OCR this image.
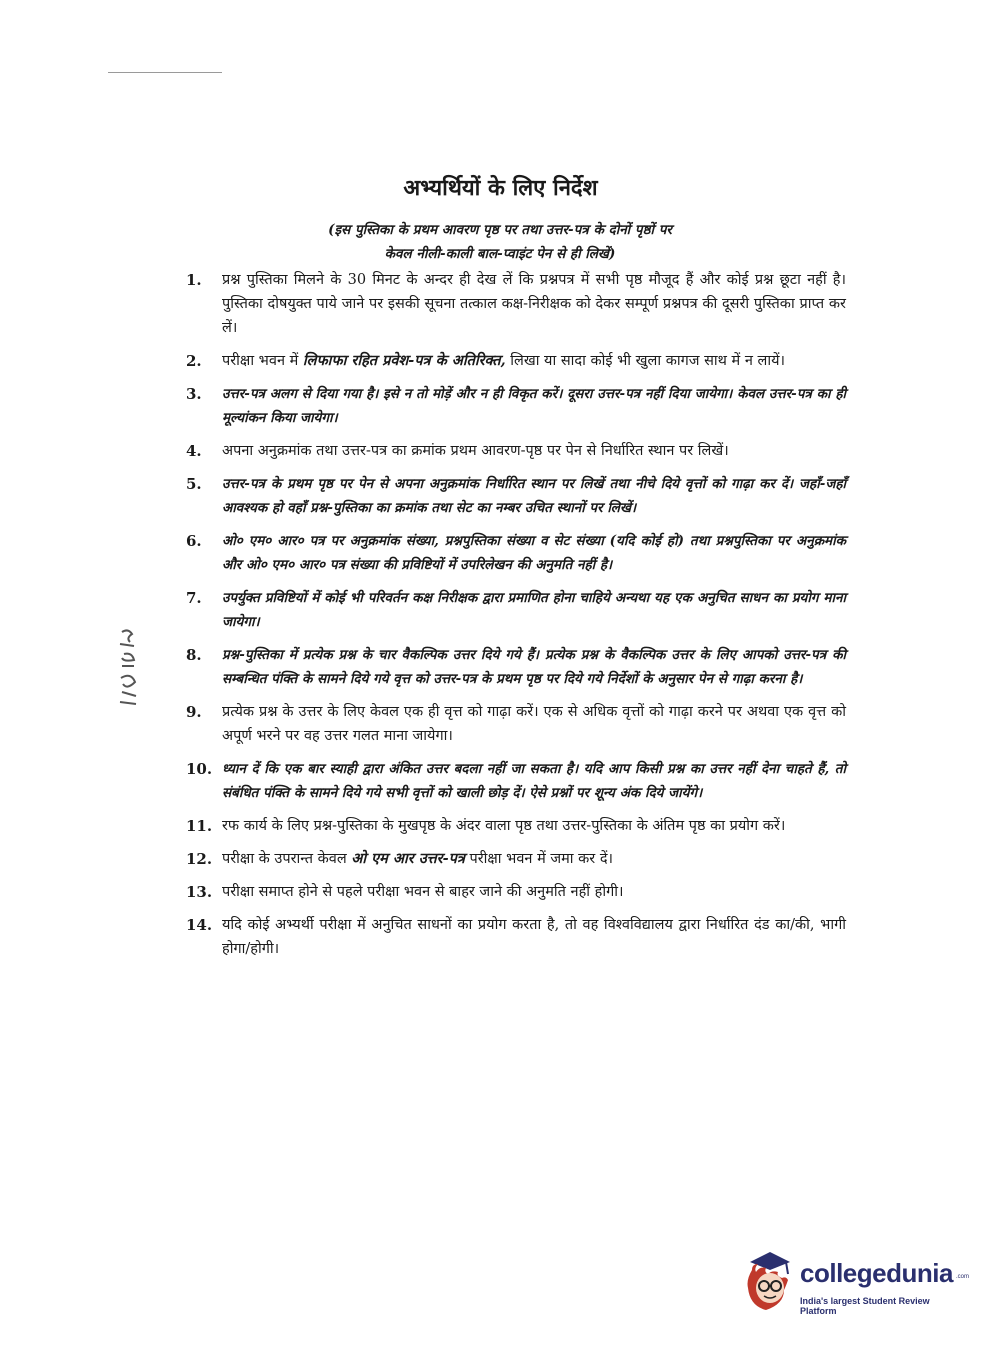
अभ्यर्थियों के लिए निर्देश
(इस पुस्तिका के प्रथम आवरण पृष्ठ पर तथा उत्तर-पत्र के दोनों पृष्ठों पर
केवल नीली-काली बाल-प्वाइंट पेन से ही लिखें)
1.	प्रश्न पुस्तिका मिलने के 30 मिनट के अन्दर ही देख लें कि प्रश्नपत्र में सभी पृष्ठ मौजूद हैं और कोई प्रश्न छूटा नहीं है। पुस्तिका दोषयुक्त पाये जाने पर इसकी सूचना तत्काल कक्ष-निरीक्षक को देकर सम्पूर्ण प्रश्नपत्र की दूसरी पुस्तिका प्राप्त कर लें।
2.	परीक्षा भवन में लिफाफा रहित प्रवेश-पत्र के अतिरिक्त, लिखा या सादा कोई भी खुला कागज साथ में न लायें।
3.	उत्तर-पत्र अलग से दिया गया है। इसे न तो मोड़ें और न ही विकृत करें। दूसरा उत्तर-पत्र नहीं दिया जायेगा। केवल उत्तर-पत्र का ही मूल्यांकन किया जायेगा।
4.	अपना अनुक्रमांक तथा उत्तर-पत्र का क्रमांक प्रथम आवरण-पृष्ठ पर पेन से निर्धारित स्थान पर लिखें।
5.	उत्तर-पत्र के प्रथम पृष्ठ पर पेन से अपना अनुक्रमांक निर्धारित स्थान पर लिखें तथा नीचे दिये वृत्तों को गाढ़ा कर दें। जहाँ-जहाँ आवश्यक हो वहाँ प्रश्न-पुस्तिका का क्रमांक तथा सेट का नम्बर उचित स्थानों पर लिखें।
6.	ओ० एम० आर० पत्र पर अनुक्रमांक संख्या, प्रश्नपुस्तिका संख्या व सेट संख्या (यदि कोई हो) तथा प्रश्नपुस्तिका पर अनुक्रमांक और ओ० एम० आर० पत्र संख्या की प्रविष्टियों में उपरिलेखन की अनुमति नहीं है।
7.	उपर्युक्त प्रविष्टियों में कोई भी परिवर्तन कक्ष निरीक्षक द्वारा प्रमाणित होना चाहिये अन्यथा यह एक अनुचित साधन का प्रयोग माना जायेगा।
8.	प्रश्न-पुस्तिका में प्रत्येक प्रश्न के चार वैकल्पिक उत्तर दिये गये हैं। प्रत्येक प्रश्न के वैकल्पिक उत्तर के लिए आपको उत्तर-पत्र की सम्बन्धित पंक्ति के सामने दिये गये वृत्त को उत्तर-पत्र के प्रथम पृष्ठ पर दिये गये निर्देशों के अनुसार पेन से गाढ़ा करना है।
9.	प्रत्येक प्रश्न के उत्तर के लिए केवल एक ही वृत्त को गाढ़ा करें। एक से अधिक वृत्तों को गाढ़ा करने पर अथवा एक वृत्त को अपूर्ण भरने पर वह उत्तर गलत माना जायेगा।
10. ध्यान दें कि एक बार स्याही द्वारा अंकित उत्तर बदला नहीं जा सकता है। यदि आप किसी प्रश्न का उत्तर नहीं देना चाहते हैं, तो संबंधित पंक्ति के सामने दिये गये सभी वृत्तों को खाली छोड़ दें। ऐसे प्रश्नों पर शून्य अंक दिये जायेंगे।
11. रफ कार्य के लिए प्रश्न-पुस्तिका के मुखपृष्ठ के अंदर वाला पृष्ठ तथा उत्तर-पुस्तिका के अंतिम पृष्ठ का प्रयोग करें।
12. परीक्षा के उपरान्त केवल ओ एम आर उत्तर-पत्र परीक्षा भवन में जमा कर दें।
13. परीक्षा समाप्त होने से पहले परीक्षा भवन से बाहर जाने की अनुमति नहीं होगी।
14. यदि कोई अभ्यर्थी परीक्षा में अनुचित साधनों का प्रयोग करता है, तो वह विश्वविद्यालय द्वारा निर्धारित दंड का/की, भागी होगा/होगी।
collegedunia .com
India's largest Student Review Platform
